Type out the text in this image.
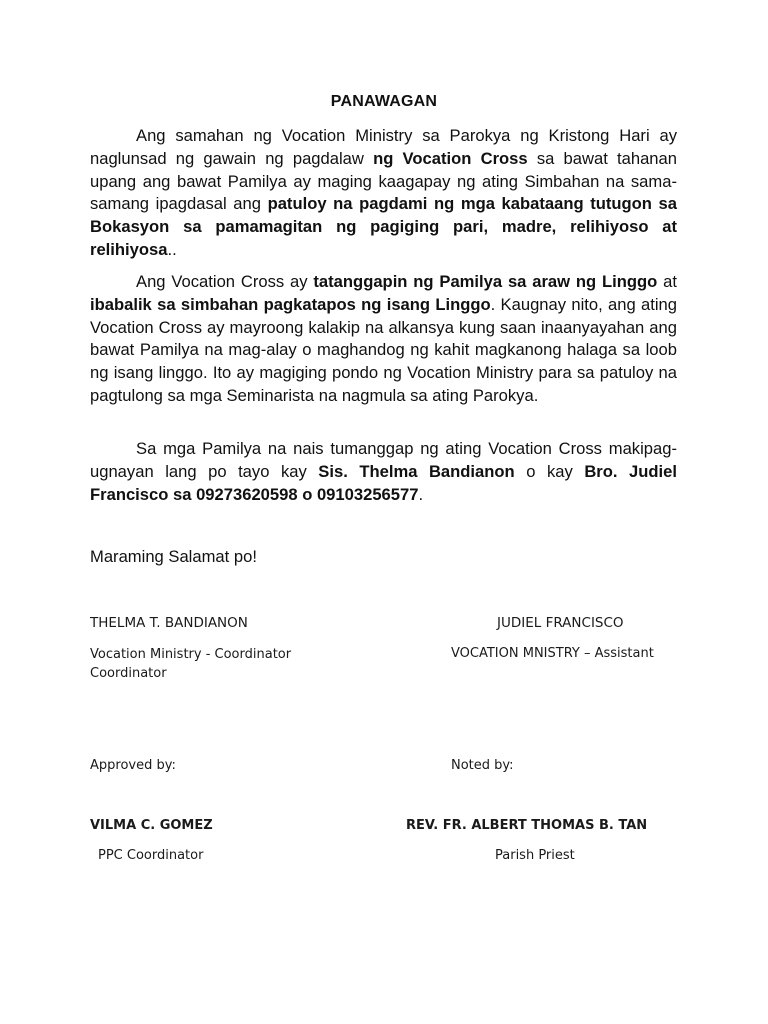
PANAWAGAN

Ang samahan ng Vocation Ministry sa Parokya ng Kristong Hari ay naglunsad ng gawain ng pagdalaw ng Vocation Cross sa bawat tahanan upang ang bawat Pamilya ay maging kaagapay ng ating Simbahan na sama-samang ipagdasal ang patuloy na pagdami ng mga kabataang tutugon sa Bokasyon sa pamamagitan ng pagiging pari, madre, relihiyoso at relihiyosa..

Ang Vocation Cross ay tatanggapin ng Pamilya sa araw ng Linggo at ibabalik sa simbahan pagkatapos ng isang Linggo. Kaugnay nito, ang ating Vocation Cross ay mayroong kalakip na alkansya kung saan inaanyayahan ang bawat Pamilya na mag-alay o maghandog ng kahit magkanong halaga sa loob ng isang linggo. Ito ay magiging pondo ng Vocation Ministry para sa patuloy na pagtulong sa mga Seminarista na nagmula sa ating Parokya.

Sa mga Pamilya na nais tumanggap ng ating Vocation Cross makipag-ugnayan lang po tayo kay Sis. Thelma Bandianon o kay Bro. Judiel Francisco sa 09273620598 o 09103256577.

Maraming Salamat po!
THELMA T. BANDIANON	JUDIEL FRANCISCO
Vocation Ministry - Coordinator Coordinator
VOCATION MNISTRY – Assistant
Approved by:	Noted by:
VILMA C. GOMEZ	REV. FR. ALBERT THOMAS B. TAN
PPC Coordinator	Parish Priest
